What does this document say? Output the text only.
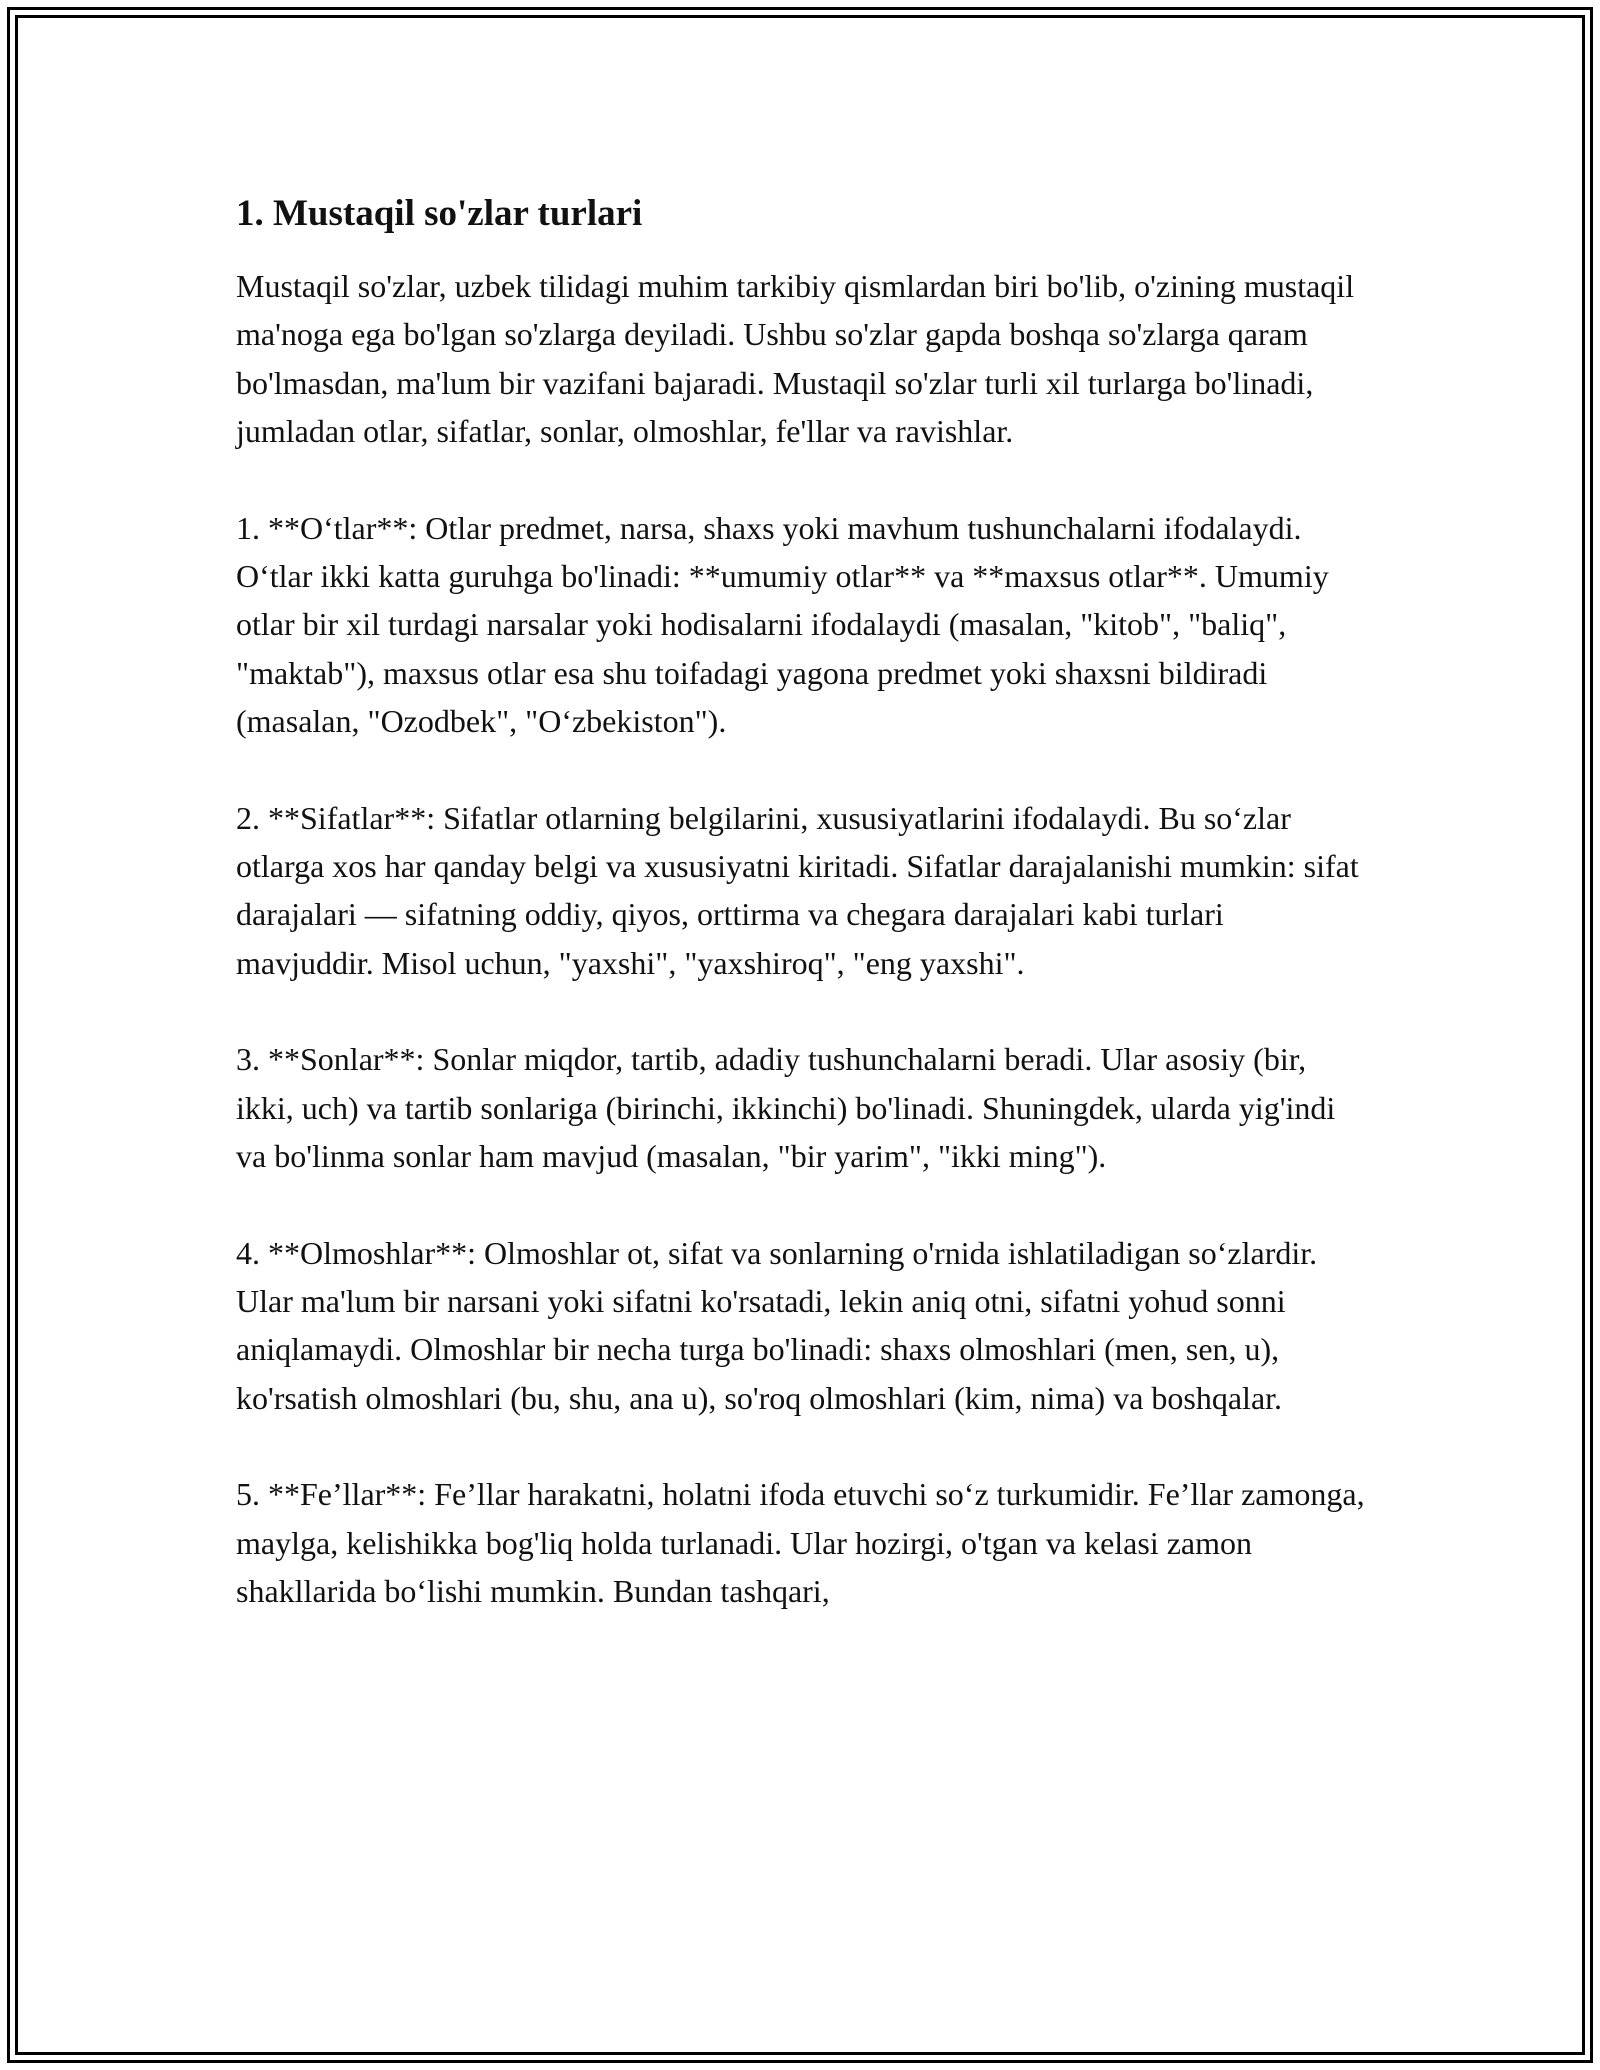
1. Mustaqil so'zlar turlari

Mustaqil so'zlar, uzbek tilidagi muhim tarkibiy qismlardan biri bo'lib, o'zining mustaqil ma'noga ega bo'lgan so'zlarga deyiladi. Ushbu so'zlar gapda boshqa so'zlarga qaram bo'lmasdan, ma'lum bir vazifani bajaradi. Mustaqil so'zlar turli xil turlarga bo'linadi, jumladan otlar, sifatlar, sonlar, olmoshlar, fe'llar va ravishlar.

1. **O‘tlar**: Otlar predmet, narsa, shaxs yoki mavhum tushunchalarni ifodalaydi. O‘tlar ikki katta guruhga bo'linadi: **umumiy otlar** va **maxsus otlar**. Umumiy otlar bir xil turdagi narsalar yoki hodisalarni ifodalaydi (masalan, "kitob", "baliq", "maktab"), maxsus otlar esa shu toifadagi yagona predmet yoki shaxsni bildiradi (masalan, "Ozodbek", "O‘zbekiston").

2. **Sifatlar**: Sifatlar otlarning belgilarini, xususiyatlarini ifodalaydi. Bu so‘zlar otlarga xos har qanday belgi va xususiyatni kiritadi. Sifatlar darajalanishi mumkin: sifat darajalari — sifatning oddiy, qiyos, orttirma va chegara darajalari kabi turlari mavjuddir. Misol uchun, "yaxshi", "yaxshiroq", "eng yaxshi".

3. **Sonlar**: Sonlar miqdor, tartib, adadiy tushunchalarni beradi. Ular asosiy (bir, ikki, uch) va tartib sonlariga (birinchi, ikkinchi) bo'linadi. Shuningdek, ularda yig'indi va bo'linma sonlar ham mavjud (masalan, "bir yarim", "ikki ming").

4. **Olmoshlar**: Olmoshlar ot, sifat va sonlarning o'rnida ishlatiladigan so‘zlardir. Ular ma'lum bir narsani yoki sifatni ko'rsatadi, lekin aniq otni, sifatni yohud sonni aniqlamaydi. Olmoshlar bir necha turga bo'linadi: shaxs olmoshlari (men, sen, u), ko'rsatish olmoshlari (bu, shu, ana u), so'roq olmoshlari (kim, nima) va boshqalar.

5. **Fe’llar**: Fe’llar harakatni, holatni ifoda etuvchi so‘z turkumidir. Fe’llar zamonga, maylga, kelishikka bog'liq holda turlanadi. Ular hozirgi, o'tgan va kelasi zamon shakllarida bo‘lishi mumkin. Bundan tashqari,
